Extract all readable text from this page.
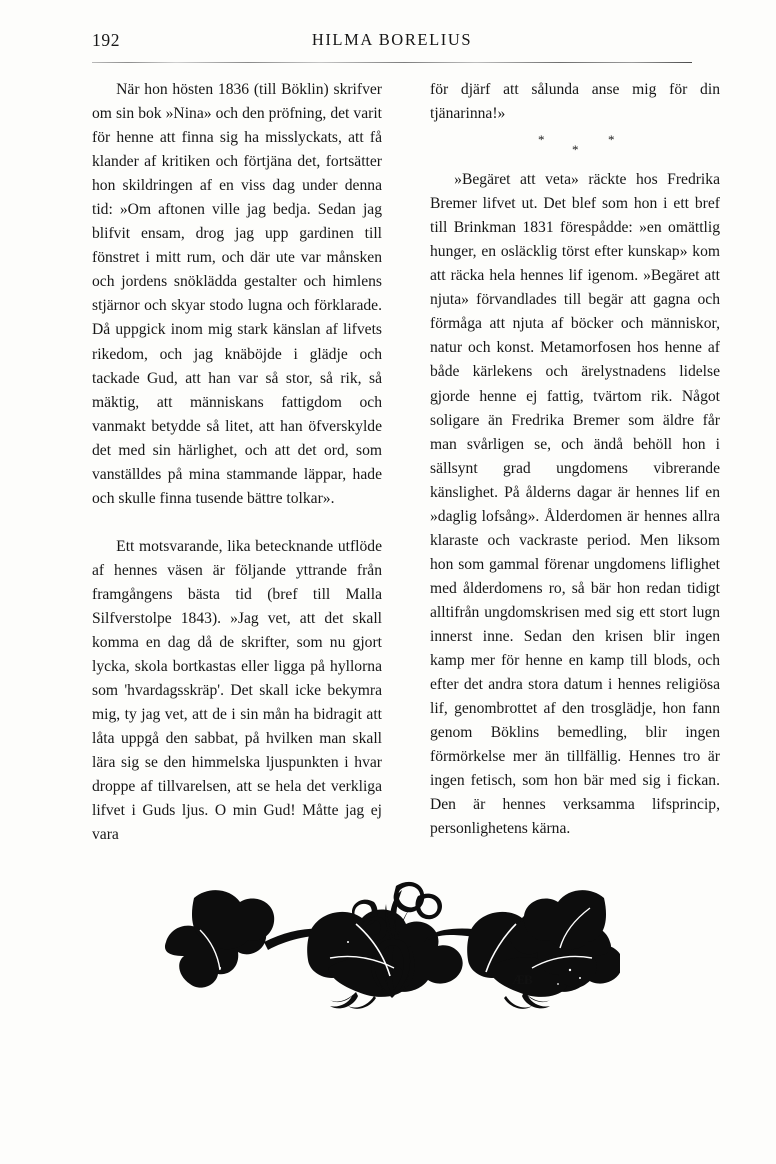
192	HILMA BORELIUS

När hon hösten 1836 (till Böklin) skrifver om sin bok »Nina» och den pröfning, det varit för henne att finna sig ha misslyckats, att få klander af kritiken och förtjäna det, fortsätter hon skildringen af en viss dag under denna tid: »Om aftonen ville jag bedja. Sedan jag blifvit ensam, drog jag upp gardinen till fönstret i mitt rum, och där ute var månsken och jordens snöklädda gestalter och himlens stjärnor och skyar stodo lugna och förklarade. Då uppgick inom mig stark känslan af lifvets rikedom, och jag knäböjde i glädje och tackade Gud, att han var så stor, så rik, så mäktig, att människans fattigdom och vanmakt betydde så litet, att han öfverskylde det med sin härlighet, och att det ord, som vanställdes på mina stammande läppar, hade och skulle finna tusende bättre tolkar».

Ett motsvarande, lika betecknande utflöde af hennes väsen är följande yttrande från framgångens bästa tid (bref till Malla Silfverstolpe 1843). »Jag vet, att det skall komma en dag då de skrifter, som nu gjort lycka, skola bortkastas eller ligga på hyllorna som 'hvardagsskräp'. Det skall icke bekymra mig, ty jag vet, att de i sin mån ha bidragit att låta uppgå den sabbat, på hvilken man skall lära sig se den himmelska ljuspunkten i hvar droppe af tillvarelsen, att se hela det verkliga lifvet i Guds ljus. O min Gud! Måtte jag ej vara

för djärf att sålunda anse mig för din tjänarinna!»

*
*
*

»Begäret att veta» räckte hos Fredrika Bremer lifvet ut. Det blef som hon i ett bref till Brinkman 1831 förespådde: »en omättlig hunger, en osläcklig törst efter kunskap» kom att räcka hela hennes lif igenom. »Begäret att njuta» förvandlades till begär att gagna och förmåga att njuta af böcker och människor, natur och konst. Metamorfosen hos henne af både kärlekens och ärelystnadens lidelse gjorde henne ej fattig, tvärtom rik. Något soligare än Fredrika Bremer som äldre får man svårligen se, och ändå behöll hon i sällsynt grad ungdomens vibrerande känslighet. På ålderns dagar är hennes lif en »daglig lofsång». Ålderdomen är hennes allra klaraste och vackraste period. Men liksom hon som gammal förenar ungdomens liflighet med ålderdomens ro, så bär hon redan tidigt alltifrån ungdomskrisen med sig ett stort lugn innerst inne. Sedan den krisen blir ingen kamp mer för henne en kamp till blods, och efter det andra stora datum i hennes religiösa lif, genombrottet af den trosglädje, hon fann genom Böklins bemedling, blir ingen förmörkelse mer än tillfällig. Hennes tro är ingen fetisch, som hon bär med sig i fickan. Den är hennes verksamma lifsprincip, personlighetens kärna.

ÆB
